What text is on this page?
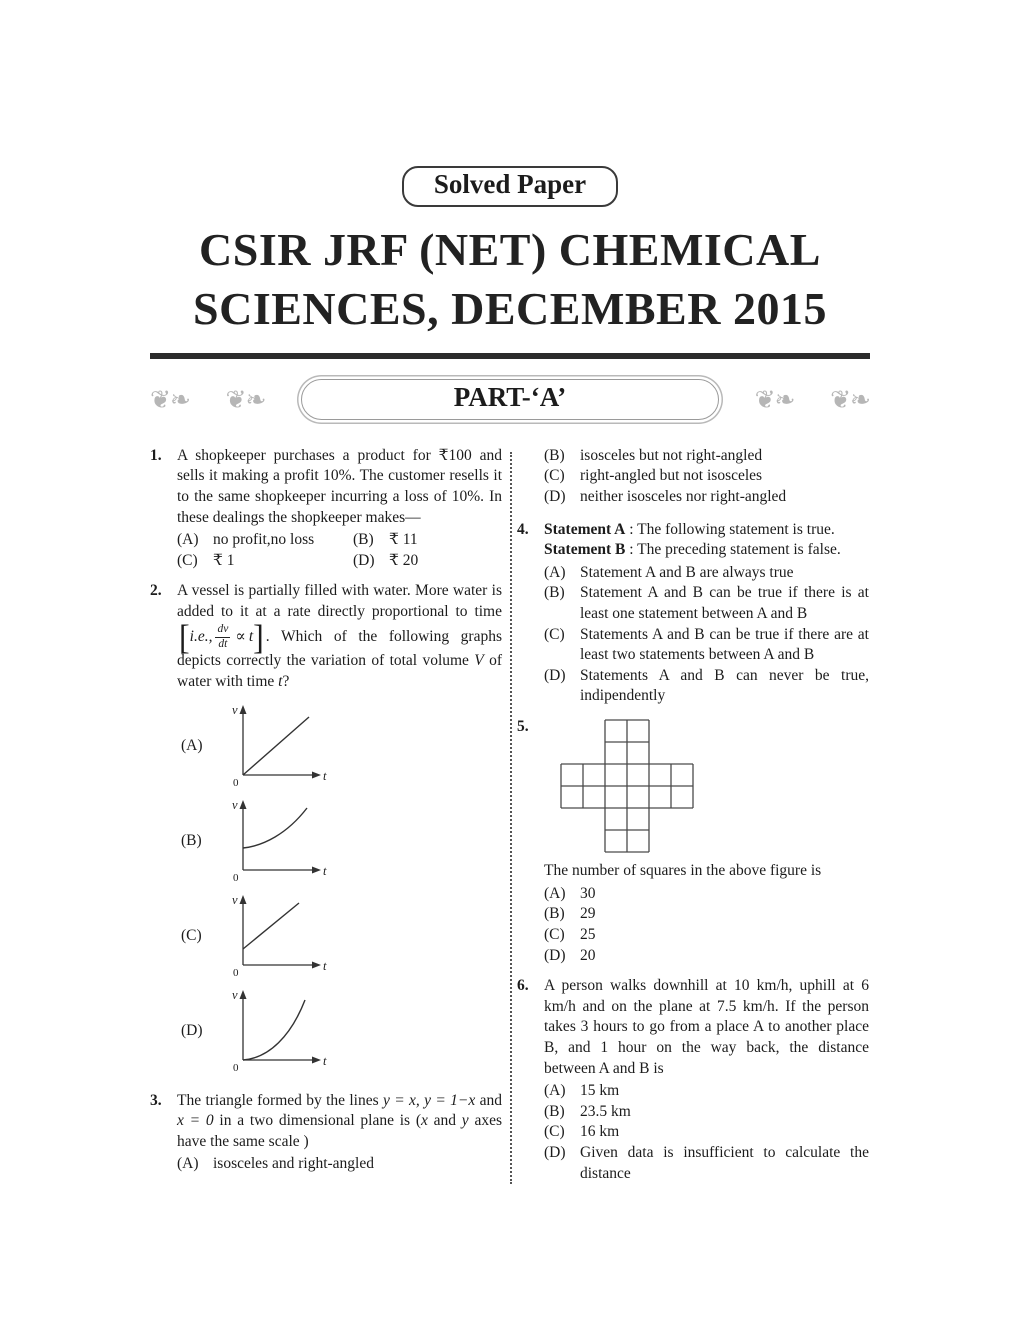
Solved Paper
CSIR JRF (NET) CHEMICAL
SCIENCES, DECEMBER 2015
❦❧ ❦❧	PART-‘A’	❦❧ ❦❧
1. A shopkeeper purchases a product for ₹100 and sells it making a profit 10%. The customer resells it to the same shopkeeper incurring a loss of 10%. In these dealings the shopkeeper makes—
(A) no profit,no loss	(B) ₹ 11
(C) ₹ 1	(D) ₹ 20
2. A vessel is partially filled with water. More water is added to it at a rate directly proportional to time
[ i.e., $\frac{dv}{dt} \propto t$ ] . Which of the following graphs depicts correctly the variation of total volume V of water with time t?
(A)
v
t
0
(B)
v
t
0
(C)
v
t
0
(D)
v
t
0
3. The triangle formed by the lines y = x, y = 1−x and x = 0 in a two dimensional plane is (x and y axes have the same scale )
(A) isosceles and right-angled
(B) isosceles but not right-angled
(C) right-angled but not isosceles
(D) neither isosceles nor right-angled
4. Statement A : The following statement is true.
Statement B : The preceding statement is false.
(A) Statement A and B are always true
(B) Statement A and B can be true if there is at least one statement between A and B
(C) Statements A and B can be true if there are at least two statements between A and B
(D) Statements A and B can never be true, indipendently
5.
The number of squares in the above figure is
(A) 30
(B) 29
(C) 25
(D) 20
6. A person walks downhill at 10 km/h, uphill at 6 km/h and on the plane at 7.5 km/h. If the person takes 3 hours to go from a place A to another place B, and 1 hour on the way back, the distance between A and B is
(A) 15 km
(B) 23.5 km
(C) 16 km
(D) Given data is insufficient to calculate the distance
